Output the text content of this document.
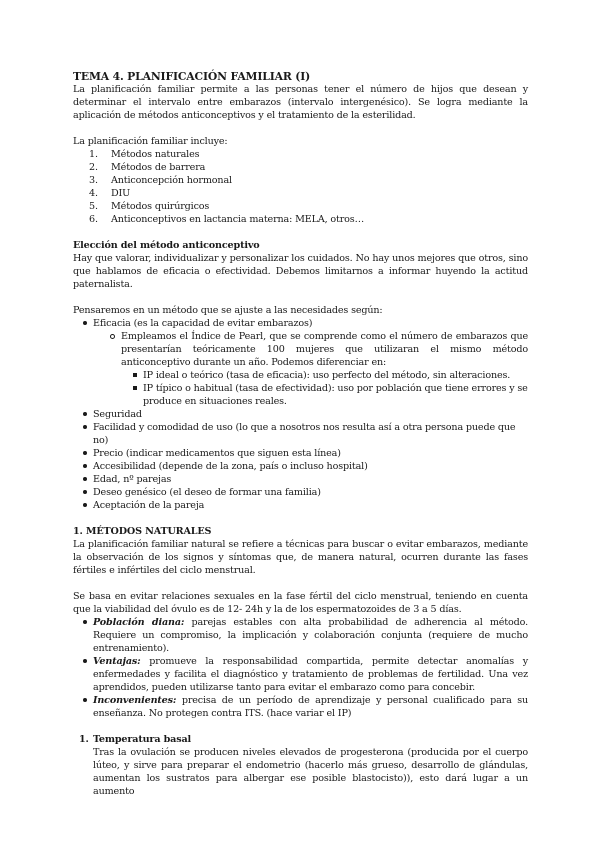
TEMA 4. PLANIFICACIÓN FAMILIAR (I)

La planificación familiar permite a las personas tener el número de hijos que desean y determinar el intervalo entre embarazos (intervalo intergenésico). Se logra mediante la aplicación de métodos anticonceptivos y el tratamiento de la esterilidad.

La planificación familiar incluye:

1. Métodos naturales
2. Métodos de barrera
3. Anticoncepción hormonal
4. DIU
5. Métodos quirúrgicos
6. Anticonceptivos en lactancia materna: MELA, otros…

Elección del método anticonceptivo

Hay que valorar, individualizar y personalizar los cuidados. No hay unos mejores que otros, sino que hablamos de eficacia o efectividad. Debemos limitarnos a informar huyendo la actitud paternalista.

Pensaremos en un método que se ajuste a las necesidades según:

Eficacia (es la capacidad de evitar embarazos)
Empleamos el Índice de Pearl, que se comprende como el número de embarazos que presentarían teóricamente 100 mujeres que utilizaran el mismo método anticonceptivo durante un año. Podemos diferenciar en:
IP ideal o teórico (tasa de eficacia): uso perfecto del método, sin alteraciones.
IP típico o habitual (tasa de efectividad): uso por población que tiene errores y se produce en situaciones reales.
Seguridad
Facilidad y comodidad de uso (lo que a nosotros nos resulta así a otra persona puede que no)
Precio (indicar medicamentos que siguen esta línea)
Accesibilidad (depende de la zona, país o incluso hospital)
Edad, nº parejas
Deseo genésico (el deseo de formar una familia)
Aceptación de la pareja

1. MÉTODOS NATURALES

La planificación familiar natural se refiere a técnicas para buscar o evitar embarazos, mediante la observación de los signos y síntomas que, de manera natural, ocurren durante las fases fértiles e infértiles del ciclo menstrual.

Se basa en evitar relaciones sexuales en la fase fértil del ciclo menstrual, teniendo en cuenta que la viabilidad del óvulo es de 12- 24h y la de los espermatozoides de 3 a 5 días.

Población diana: parejas estables con alta probabilidad de adherencia al método. Requiere un compromiso, la implicación y colaboración conjunta (requiere de mucho entrenamiento).
Ventajas: promueve la responsabilidad compartida, permite detectar anomalías y enfermedades y facilita el diagnóstico y tratamiento de problemas de fertilidad. Una vez aprendidos, pueden utilizarse tanto para evitar el embarazo como para concebir.
Inconvenientes: precisa de un período de aprendizaje y personal cualificado para su enseñanza. No protegen contra ITS. (hace variar el IP)
1. Temperatura basal

Tras la ovulación se producen niveles elevados de progesterona (producida por el cuerpo lúteo, y sirve para preparar el endometrio (hacerlo más grueso, desarrollo de glándulas, aumentan los sustratos para albergar ese posible blastocisto)), esto dará lugar a un aumento
